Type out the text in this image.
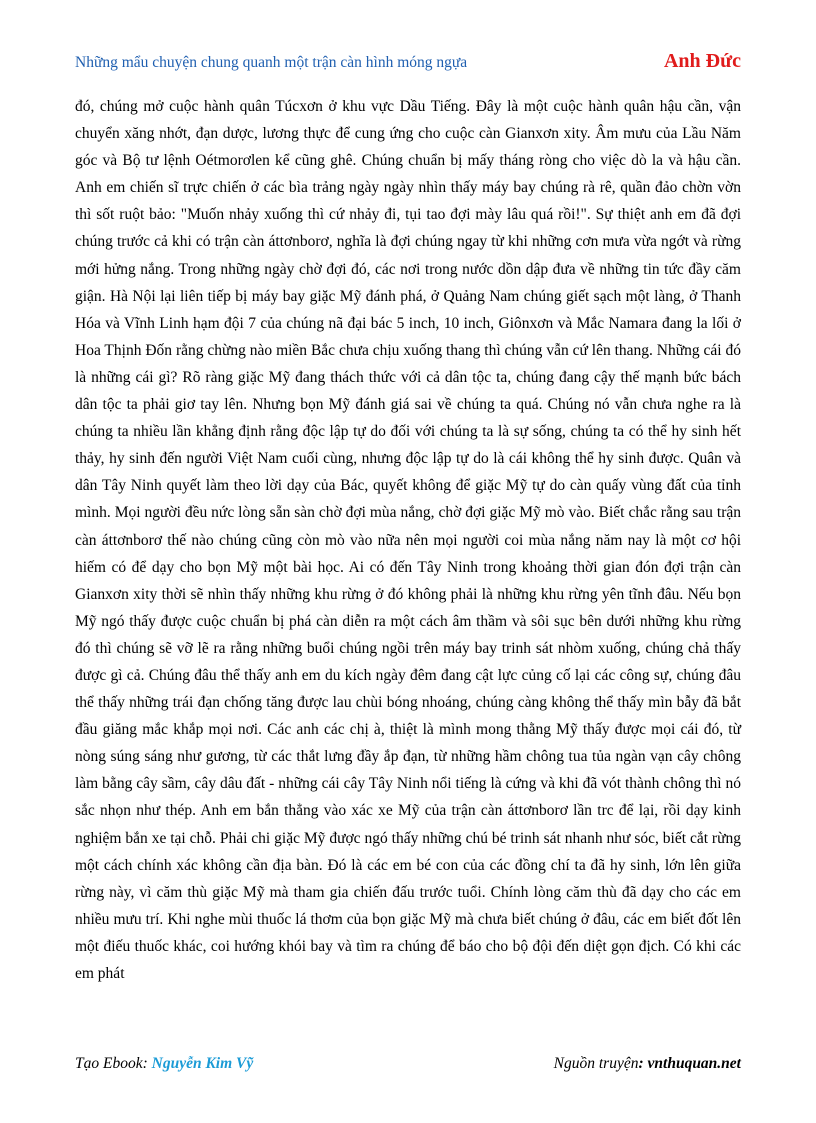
Những mẩu chuyện chung quanh một trận càn hình móng ngựa	Anh Đức

đó, chúng mở cuộc hành quân Túcxơn ở khu vực Dầu Tiếng. Đây là một cuộc hành quân hậu cần, vận chuyển xăng nhớt, đạn dược, lương thực để cung ứng cho cuộc càn Gianxơn xity. Âm mưu của Lầu Năm góc và Bộ tư lệnh Oétmorơlen kể cũng ghê. Chúng chuẩn bị mấy tháng ròng cho việc dò la và hậu cần. Anh em chiến sĩ trực chiến ở các bìa trảng ngày ngày nhìn thấy máy bay chúng rà rê, quần đảo chờn vờn thì sốt ruột bảo: "Muốn nhảy xuống thì cứ nhảy đi, tụi tao đợi mày lâu quá rồi!". Sự thiệt anh em đã đợi chúng trước cả khi có trận càn áttơnborơ, nghĩa là đợi chúng ngay từ khi những cơn mưa vừa ngớt và rừng mới hửng nắng. Trong những ngày chờ đợi đó, các nơi trong nước dồn dập đưa về những tin tức đầy căm giận. Hà Nội lại liên tiếp bị máy bay giặc Mỹ đánh phá, ở Quảng Nam chúng giết sạch một làng, ở Thanh Hóa và Vĩnh Linh hạm đội 7 của chúng nã đại bác 5 inch, 10 inch, Giônxơn và Mắc Namara đang la lối ở Hoa Thịnh Đốn rằng chừng nào miền Bắc chưa chịu xuống thang thì chúng vẫn cứ lên thang. Những cái đó là những cái gì? Rõ ràng giặc Mỹ đang thách thức với cả dân tộc ta, chúng đang cậy thế mạnh bức bách dân tộc ta phải giơ tay lên. Nhưng bọn Mỹ đánh giá sai về chúng ta quá. Chúng nó vẫn chưa nghe ra là chúng ta nhiều lần khẳng định rằng độc lập tự do đối với chúng ta là sự sống, chúng ta có thể hy sinh hết thảy, hy sinh đến người Việt Nam cuối cùng, nhưng độc lập tự do là cái không thể hy sinh được. Quân và dân Tây Ninh quyết làm theo lời dạy của Bác, quyết không để giặc Mỹ tự do càn quấy vùng đất của tỉnh mình. Mọi người đều nức lòng sẵn sàn chờ đợi mùa nắng, chờ đợi giặc Mỹ mò vào. Biết chắc rằng sau trận càn áttơnborơ thế nào chúng cũng còn mò vào nữa nên mọi người coi mùa nắng năm nay là một cơ hội hiếm có để dạy cho bọn Mỹ một bài học. Ai có đến Tây Ninh trong khoảng thời gian đón đợi trận càn Gianxơn xity thời sẽ nhìn thấy những khu rừng ở đó không phải là những khu rừng yên tĩnh đâu. Nếu bọn Mỹ ngó thấy được cuộc chuẩn bị phá càn diễn ra một cách âm thầm và sôi sục bên dưới những khu rừng đó thì chúng sẽ vỡ lẽ ra rằng những buổi chúng ngồi trên máy bay trinh sát nhòm xuống, chúng chả thấy được gì cả. Chúng đâu thể thấy anh em du kích ngày đêm đang cật lực củng cố lại các công sự, chúng đâu thể thấy những trái đạn chống tăng được lau chùi bóng nhoáng, chúng càng không thể thấy mìn bẫy đã bắt đầu giăng mắc khắp mọi nơi. Các anh các chị à, thiệt là mình mong thằng Mỹ thấy được mọi cái đó, từ nòng súng sáng như gương, từ các thắt lưng đầy ắp đạn, từ những hầm chông tua tủa ngàn vạn cây chông làm bằng cây sầm, cây dâu đất - những cái cây Tây Ninh nổi tiếng là cứng và khi đã vót thành chông thì nó sắc nhọn như thép. Anh em bắn thẳng vào xác xe Mỹ của trận càn áttơnborơ lần trc để lại, rồi dạy kinh nghiệm bắn xe tại chỗ. Phải chi giặc Mỹ được ngó thấy những chú bé trinh sát nhanh như sóc, biết cắt rừng một cách chính xác không cần địa bàn. Đó là các em bé con của các đồng chí ta đã hy sinh, lớn lên giữa rừng này, vì căm thù giặc Mỹ mà tham gia chiến đấu trước tuổi. Chính lòng căm thù đã dạy cho các em nhiều mưu trí. Khi nghe mùi thuốc lá thơm của bọn giặc Mỹ mà chưa biết chúng ở đâu, các em biết đốt lên một điếu thuốc khác, coi hướng khói bay và tìm ra chúng để báo cho bộ đội đến diệt gọn địch. Có khi các em phát

Tạo Ebook: Nguyễn Kim Vỹ	Nguồn truyện: vnthuquan.net
